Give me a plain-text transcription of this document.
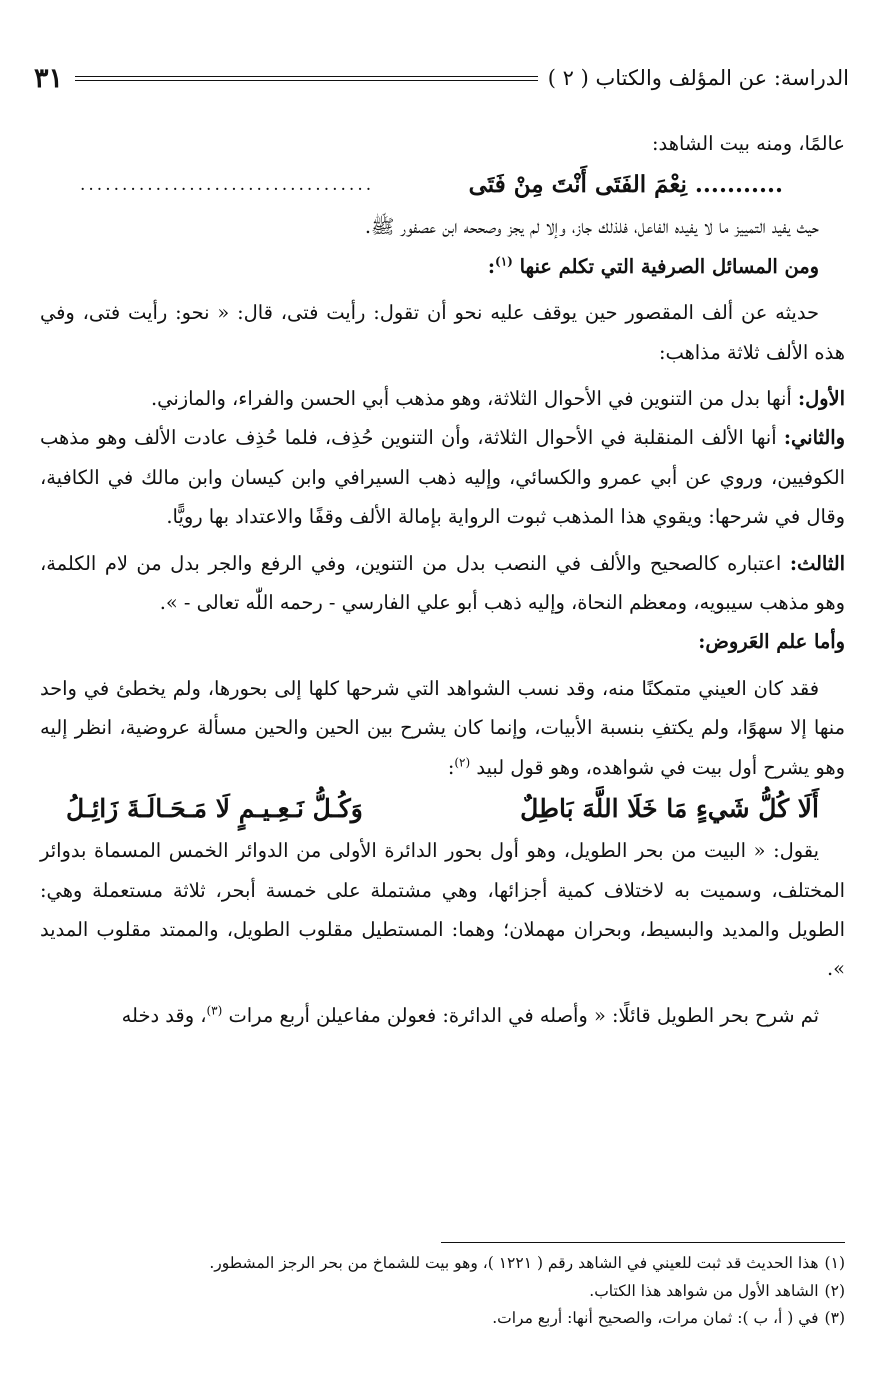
الدراسة: عن المؤلف والكتاب ( ٢ )
٣١

عالمًا، ومنه بيت الشاهد:

........... نِعْمَ الفَتَى أَنْتَ مِنْ فَتَى
...................................

حيث يفيد التمييز ما لا يفيده الفاعل، فلذلك جاز، وإلا لم يجز وصححه ابن عصفور ﷺ.

ومن المسائل الصرفية التي تكلم عنها $^{(١)}$:

حديثه عن ألف المقصور حين يوقف عليه نحو أن تقول: رأيت فتى، قال: « نحو: رأيت فتى، وفي هذه الألف ثلاثة مذاهب:

الأول: أنها بدل من التنوين في الأحوال الثلاثة، وهو مذهب أبي الحسن والفراء، والمازني.

والثاني: أنها الألف المنقلبة في الأحوال الثلاثة، وأن التنوين حُذِف، فلما حُذِف عادت الألف وهو مذهب الكوفيين، وروي عن أبي عمرو والكسائي، وإليه ذهب السيرافي وابن كيسان وابن مالك في الكافية، وقال في شرحها: ويقوي هذا المذهب ثبوت الرواية بإمالة الألف وقفًا والاعتداد بها رويًّا.

الثالث: اعتباره كالصحيح والألف في النصب بدل من التنوين، وفي الرفع والجر بدل من لام الكلمة، وهو مذهب سيبويه، ومعظم النحاة، وإليه ذهب أبو علي الفارسي - رحمه اللّٰه تعالى - ».

وأما علم العَروض:

فقد كان العيني متمكنًا منه، وقد نسب الشواهد التي شرحها كلها إلى بحورها، ولم يخطئ في واحد منها إلا سهوًا، ولم يكتفِ بنسبة الأبيات، وإنما كان يشرح بين الحين والحين مسألة عروضية، انظر إليه وهو يشرح أول بيت في شواهده، وهو قول لبيد $^{(٢)}$:

أَلَا كُلُّ شَيءٍ مَا خَلَا اللَّهَ بَاطِلٌ
وَكُـلُّ نَـعِـيـمٍ لَا مَـحَـالَـةَ زَائِـلُ

يقول: « البيت من بحر الطويل، وهو أول بحور الدائرة الأولى من الدوائر الخمس المسماة بدوائر المختلف، وسميت به لاختلاف كمية أجزائها، وهي مشتملة على خمسة أبحر، ثلاثة مستعملة وهي: الطويل والمديد والبسيط، وبحران مهملان؛ وهما: المستطيل مقلوب الطويل، والممتد مقلوب المديد ».

ثم شرح بحر الطويل قائلًا: « وأصله في الدائرة: فعولن مفاعيلن أربع مرات $^{(٣)}$، وقد دخله

(١)هذا الحديث قد ثبت للعيني في الشاهد رقم ( ١٢٢١ )، وهو بيت للشماخ من بحر الرجز المشطور.

(٢)الشاهد الأول من شواهد هذا الكتاب.

(٣)في ( أ، ب ): ثمان مرات، والصحيح أنها: أربع مرات.
